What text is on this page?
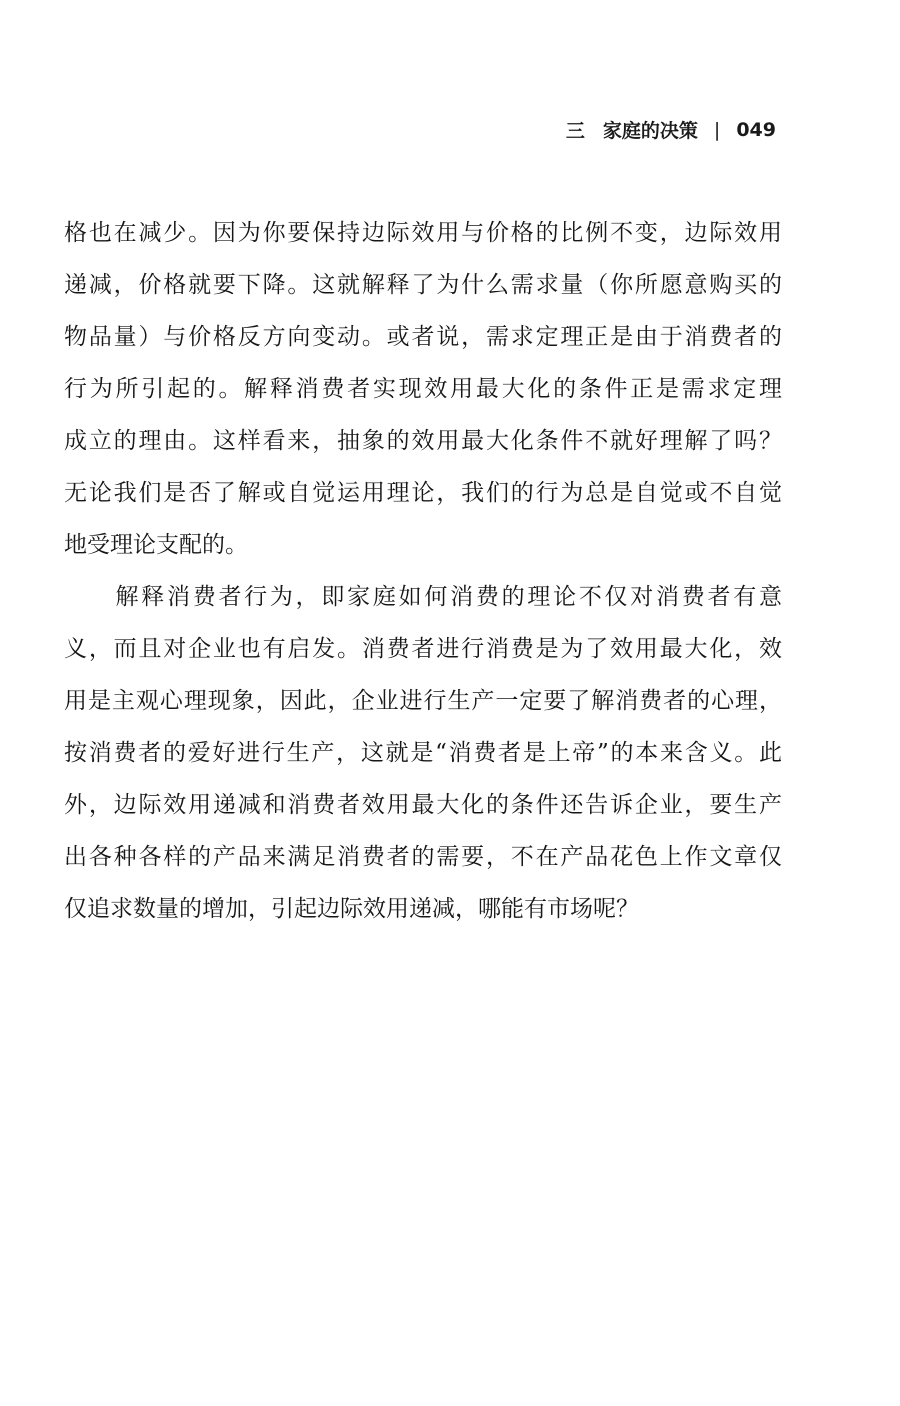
三 家庭的决策 | 049
格也在减少。因为你要保持边际效用与价格的比例不变，边际效用
递减，价格就要下降。这就解释了为什么需求量（你所愿意购买的
物品量）与价格反方向变动。或者说，需求定理正是由于消费者的
行为所引起的。解释消费者实现效用最大化的条件正是需求定理
成立的理由。这样看来，抽象的效用最大化条件不就好理解了吗？
无论我们是否了解或自觉运用理论，我们的行为总是自觉或不自觉
地受理论支配的。
　　解释消费者行为，即家庭如何消费的理论不仅对消费者有意
义，而且对企业也有启发。消费者进行消费是为了效用最大化，效
用是主观心理现象，因此，企业进行生产一定要了解消费者的心理，
按消费者的爱好进行生产，这就是“消费者是上帝”的本来含义。此
外，边际效用递减和消费者效用最大化的条件还告诉企业，要生产
出各种各样的产品来满足消费者的需要，不在产品花色上作文章仅
仅追求数量的增加，引起边际效用递减，哪能有市场呢？
